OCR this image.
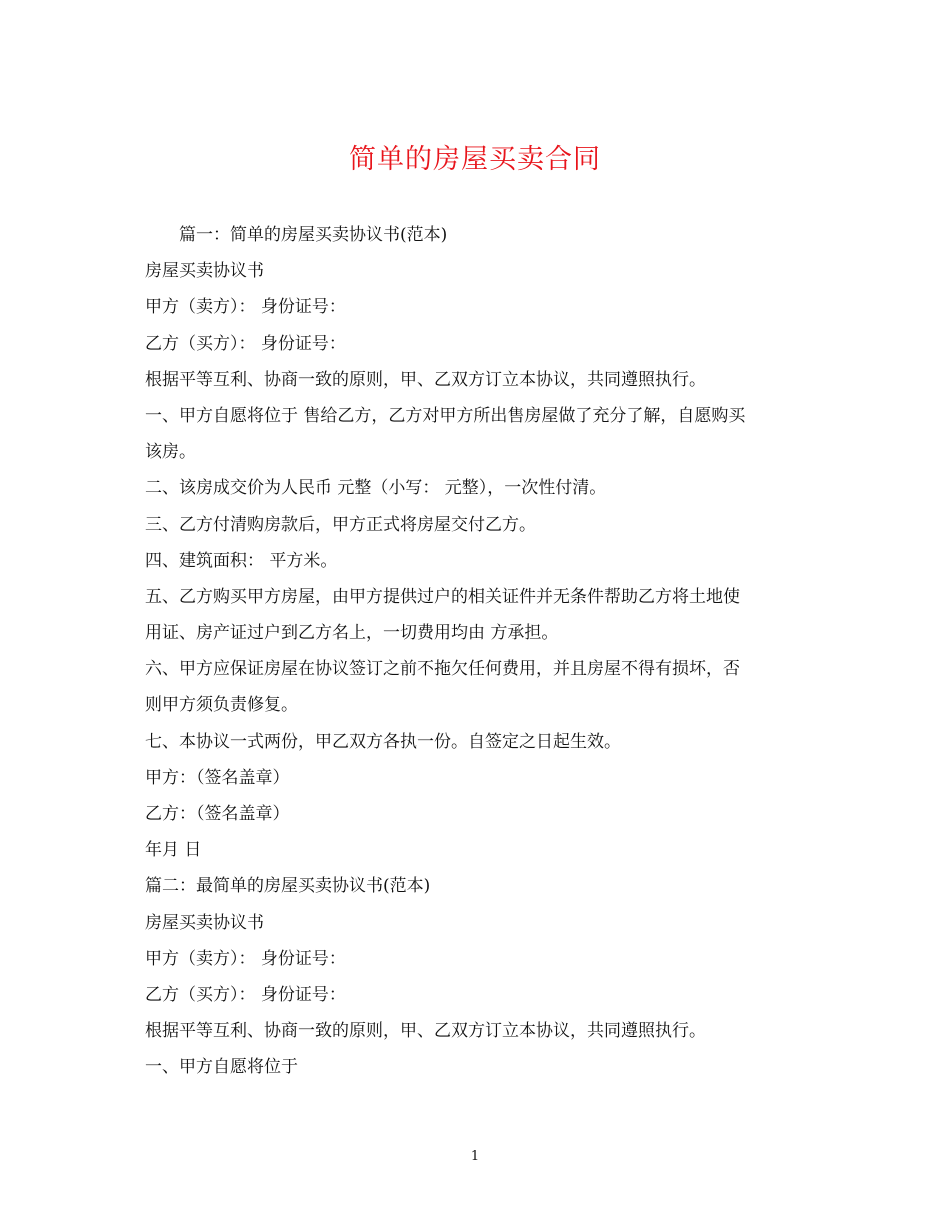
简单的房屋买卖合同
篇一：简单的房屋买卖协议书(范本)
房屋买卖协议书
甲方（卖方）： 身份证号：
乙方（买方）： 身份证号：
根据平等互利、协商一致的原则，甲、乙双方订立本协议，共同遵照执行。
一、甲方自愿将位于 售给乙方，乙方对甲方所出售房屋做了充分了解，自愿购买
该房。
二、该房成交价为人民币 元整（小写： 元整），一次性付清。
三、乙方付清购房款后，甲方正式将房屋交付乙方。
四、建筑面积： 平方米。
五、乙方购买甲方房屋，由甲方提供过户的相关证件并无条件帮助乙方将土地使
用证、房产证过户到乙方名上，一切费用均由 方承担。
六、甲方应保证房屋在协议签订之前不拖欠任何费用，并且房屋不得有损坏，否
则甲方须负责修复。
七、本协议一式两份，甲乙双方各执一份。自签定之日起生效。
甲方：（签名盖章）
乙方：（签名盖章）
年月 日
篇二：最简单的房屋买卖协议书(范本)
房屋买卖协议书
甲方（卖方）： 身份证号：
乙方（买方）： 身份证号：
根据平等互利、协商一致的原则，甲、乙双方订立本协议，共同遵照执行。
一、甲方自愿将位于
1
